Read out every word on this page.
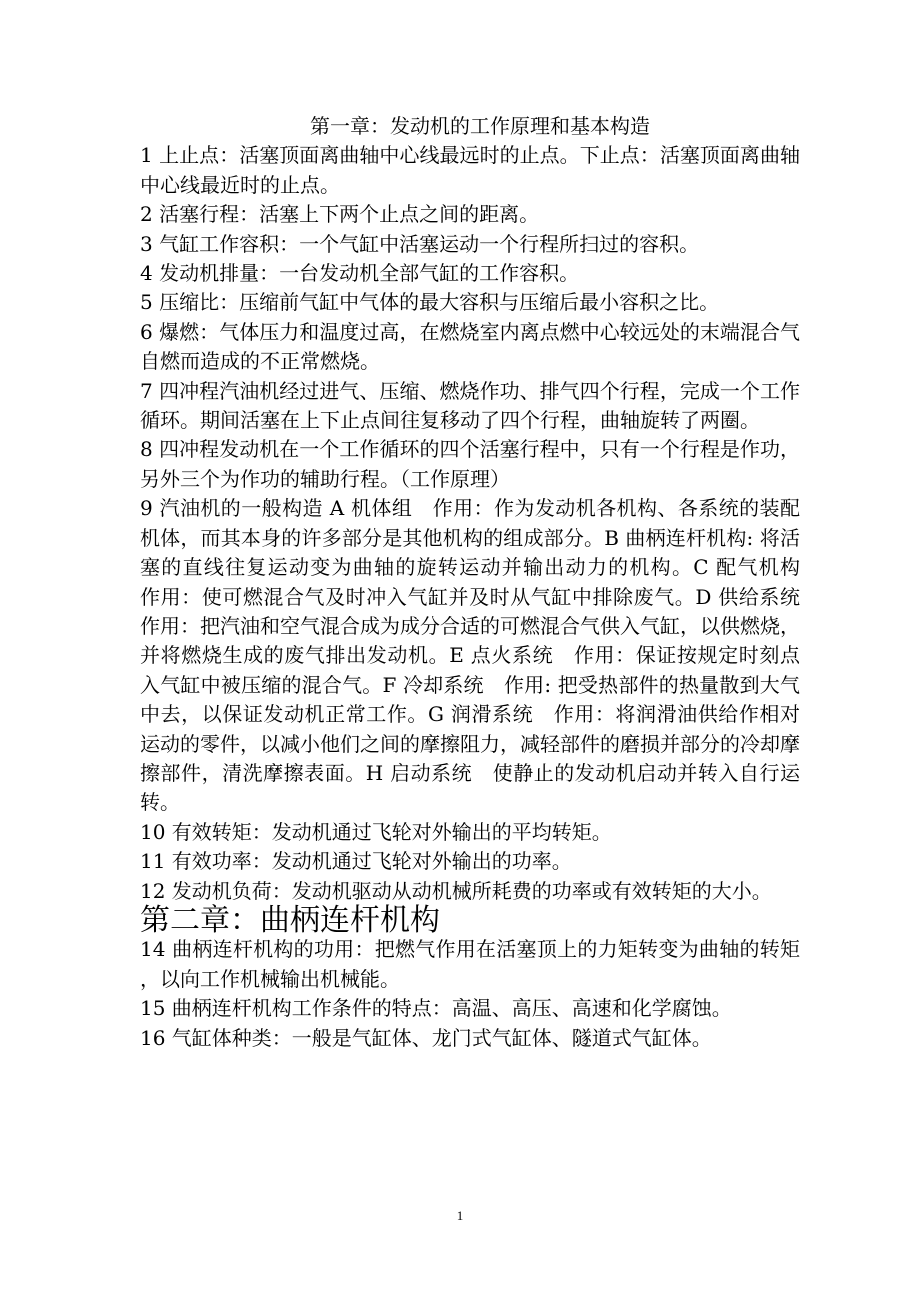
第一章：发动机的工作原理和基本构造

1 上止点：活塞顶面离曲轴中心线最远时的止点。下止点：活塞顶面离曲轴中心线最近时的止点。

2 活塞行程：活塞上下两个止点之间的距离。

3 气缸工作容积：一个气缸中活塞运动一个行程所扫过的容积。

4 发动机排量：一台发动机全部气缸的工作容积。

5 压缩比：压缩前气缸中气体的最大容积与压缩后最小容积之比。

6 爆燃：气体压力和温度过高，在燃烧室内离点燃中心较远处的末端混合气自燃而造成的不正常燃烧。

7 四冲程汽油机经过进气、压缩、燃烧作功、排气四个行程，完成一个工作循环。期间活塞在上下止点间往复移动了四个行程，曲轴旋转了两圈。

8 四冲程发动机在一个工作循环的四个活塞行程中，只有一个行程是作功，另外三个为作功的辅助行程。（工作原理）

9 汽油机的一般构造 A 机体组　作用：作为发动机各机构、各系统的装配机体，而其本身的许多部分是其他机构的组成部分。B 曲柄连杆机构: 将活塞的直线往复运动变为曲轴的旋转运动并输出动力的机构。C 配气机构　作用：使可燃混合气及时冲入气缸并及时从气缸中排除废气。D 供给系统　作用：把汽油和空气混合成为成分合适的可燃混合气供入气缸，以供燃烧，并将燃烧生成的废气排出发动机。E 点火系统　作用：保证按规定时刻点入气缸中被压缩的混合气。F 冷却系统　作用: 把受热部件的热量散到大气中去，以保证发动机正常工作。G 润滑系统　作用：将润滑油供给作相对运动的零件，以减小他们之间的摩擦阻力，减轻部件的磨损并部分的冷却摩擦部件，清洗摩擦表面。H 启动系统　使静止的发动机启动并转入自行运转。

10 有效转矩：发动机通过飞轮对外输出的平均转矩。

11 有效功率：发动机通过飞轮对外输出的功率。

12 发动机负荷：发动机驱动从动机械所耗费的功率或有效转矩的大小。

第二章：曲柄连杆机构

14 曲柄连杆机构的功用：把燃气作用在活塞顶上的力矩转变为曲轴的转矩，以向工作机械输出机械能。

15 曲柄连杆机构工作条件的特点：高温、高压、高速和化学腐蚀。

16 气缸体种类：一般是气缸体、龙门式气缸体、隧道式气缸体。

1
